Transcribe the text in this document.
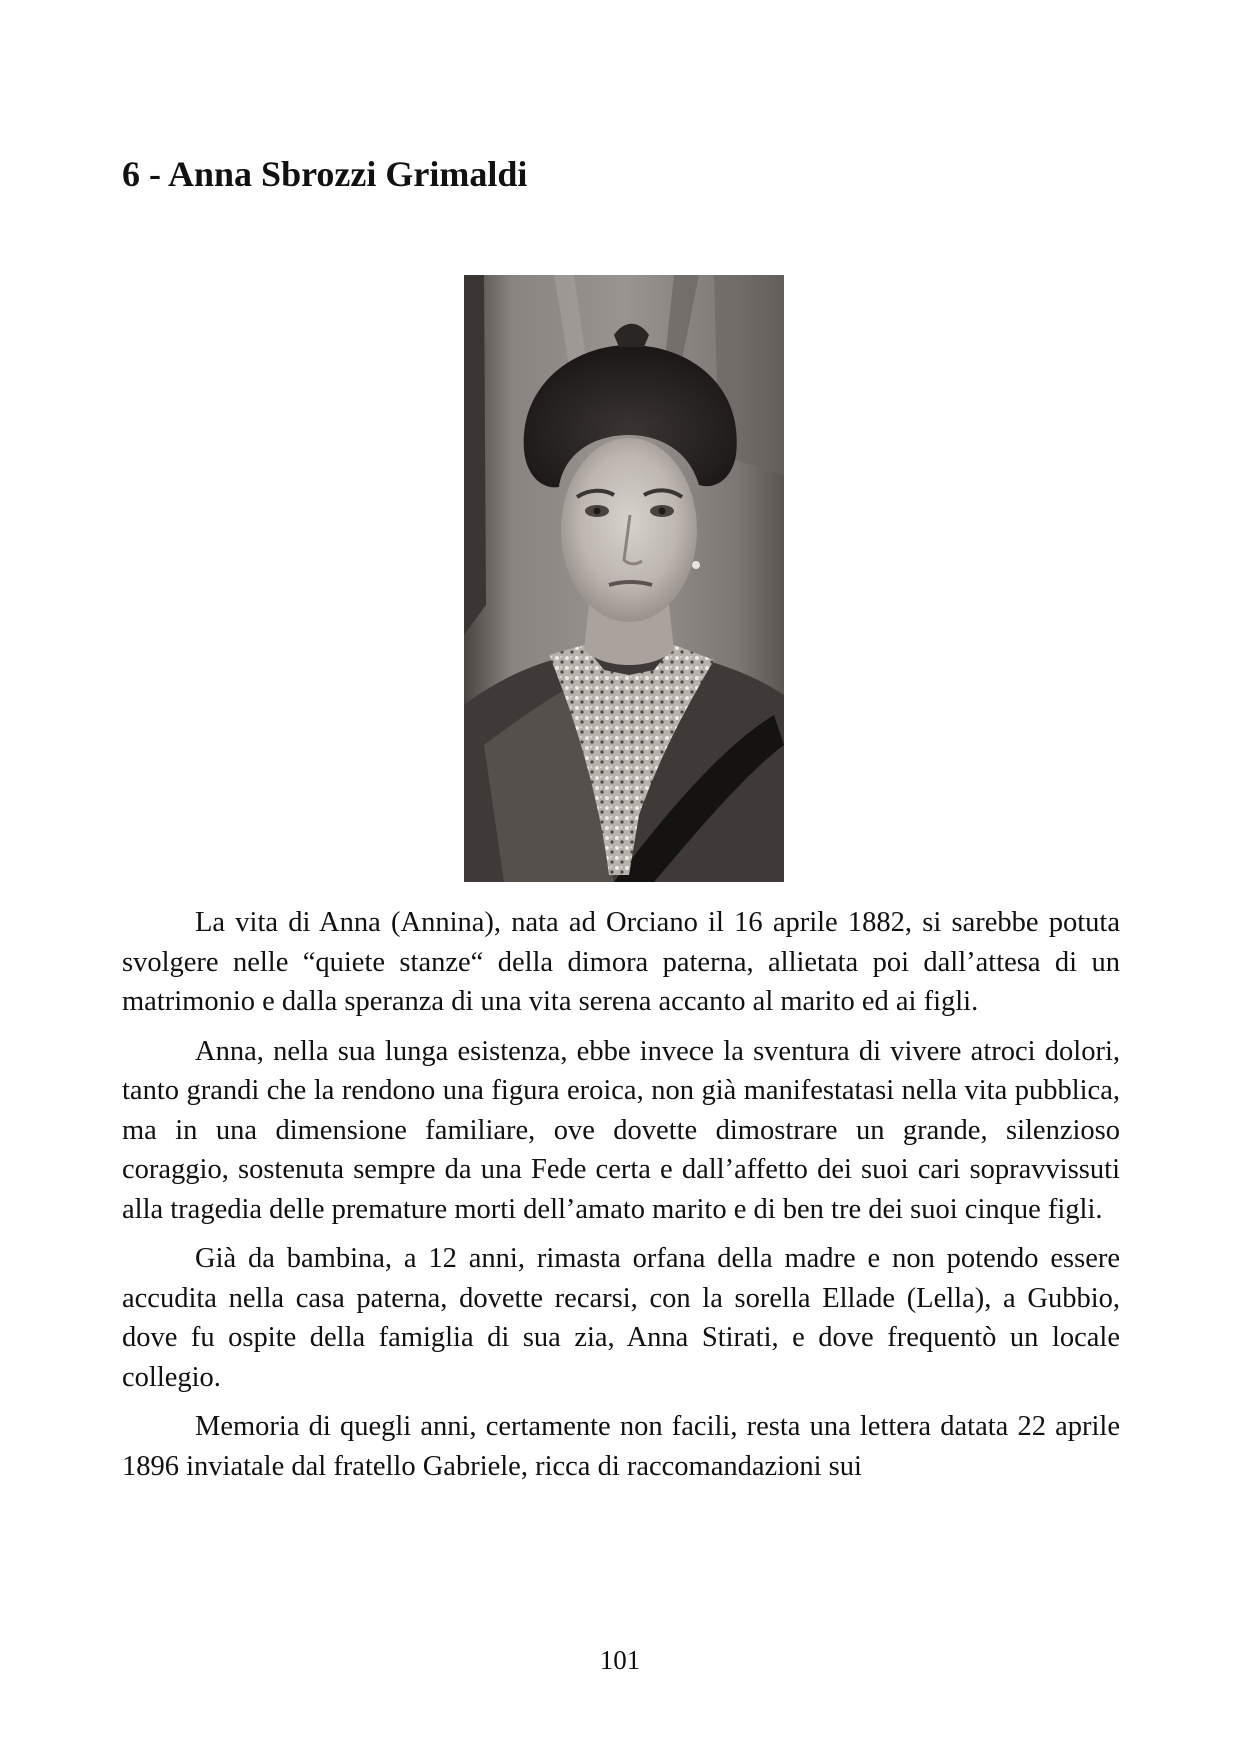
6 - Anna Sbrozzi Grimaldi

La vita di Anna (Annina), nata ad Orciano il 16 aprile 1882, si sarebbe potuta svolgere nelle “quiete stanze“ della dimora paterna, allietata poi dall’attesa di un matrimonio e dalla speranza di una vita serena accanto al marito ed ai figli.

Anna, nella sua lunga esistenza, ebbe invece la sventura di vivere atroci dolori, tanto grandi che la rendono una figura eroica, non già manifestatasi nella vita pubblica, ma in una dimensione familiare, ove dovette dimostrare un grande, silenzioso coraggio, sostenuta sempre da una Fede certa e dall’affetto dei suoi cari sopravvissuti alla tragedia delle premature morti dell’amato marito e di ben tre dei suoi cinque figli.

Già da bambina, a 12 anni, rimasta orfana della madre e non potendo essere accudita nella casa paterna, dovette recarsi, con la sorella Ellade (Lella), a Gubbio, dove fu ospite della famiglia di sua zia, Anna Stirati, e dove frequentò un locale collegio.

Memoria di quegli anni, certamente non facili, resta una lettera datata 22 aprile 1896 inviatale dal fratello Gabriele, ricca di raccomandazioni sui

101
